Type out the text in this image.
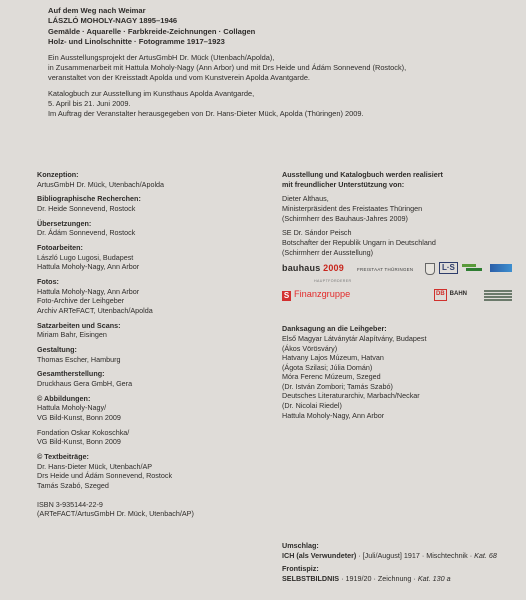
Auf dem Weg nach Weimar
LÁSZLÓ MOHOLY-NAGY 1895–1946
Gemälde · Aquarelle · Farbkreide-Zeichnungen · Collagen
Holz- und Linolschnitte · Fotogramme 1917–1923
Ein Ausstellungsprojekt der ArtusGmbH Dr. Mück (Utenbach/Apolda),
in Zusammenarbeit mit Hattula Moholy-Nagy (Ann Arbor) und mit Drs Heide und Ádám Sonnevend (Rostock),
veranstaltet von der Kreisstadt Apolda und vom Kunstverein Apolda Avantgarde.
Katalogbuch zur Ausstellung im Kunsthaus Apolda Avantgarde,
5. April bis 21. Juni 2009.
Im Auftrag der Veranstalter herausgegeben von Dr. Hans-Dieter Mück, Apolda (Thüringen) 2009.
Konzeption:
ArtusGmbH Dr. Mück, Utenbach/Apolda
Bibliographische Recherchen:
Dr. Heide Sonnevend, Rostock
Übersetzungen:
Dr. Ádám Sonnevend, Rostock
Fotoarbeiten:
László Lugo Lugosi, Budapest
Hattula Moholy-Nagy, Ann Arbor
Fotos:
Hattula Moholy-Nagy, Ann Arbor
Foto-Archive der Leihgeber
Archiv ARTeFACT, Utenbach/Apolda
Satzarbeiten und Scans:
Miriam Bahr, Eisingen
Gestaltung:
Thomas Escher, Hamburg
Gesamtherstellung:
Druckhaus Gera GmbH, Gera
© Abbildungen:
Hattula Moholy-Nagy/
VG Bild-Kunst, Bonn 2009
Fondation Oskar Kokoschka/
VG Bild-Kunst, Bonn 2009
© Textbeiträge:
Dr. Hans-Dieter Mück, Utenbach/AP
Drs Heide und Ádám Sonnevend, Rostock
Tamás Szabó, Szeged
ISBN 3-935144-22-9
(ARTeFACT/ArtusGmbH Dr. Mück, Utenbach/AP)
Ausstellung und Katalogbuch werden realisiert
mit freundlicher Unterstützung von:
Dieter Althaus,
Ministerpräsident des Freistaates Thüringen
(Schirmherr des Bauhaus-Jahres 2009)
SE Dr. Sándor Peisch
Botschafter der Republik Ungarn in Deutschland
(Schirmherr der Ausstellung)
bauhaus 2009
HAUPTFÖRDERER
S Finanzgruppe
FREISTAAT THÜRINGEN	L·S
DB BAHN
Danksagung an die Leihgeber:
Első Magyar Látványtár Alapítvány, Budapest
(Ákos Vörösváry)
Hatvany Lajos Múzeum, Hatvan
(Ágota Szilasi; Júlia Domán)
Móra Ferenc Múzeum, Szeged
(Dr. István Zombori; Tamás Szabó)
Deutsches Literaturarchiv, Marbach/Neckar
(Dr. Nicolai Riedel)
Hattula Moholy-Nagy, Ann Arbor
Umschlag:
ICH (als Verwundeter) · [Juli/August] 1917 · Mischtechnik · Kat. 68
Frontispiz:
SELBSTBILDNIS · 1919/20 · Zeichnung · Kat. 130 a
